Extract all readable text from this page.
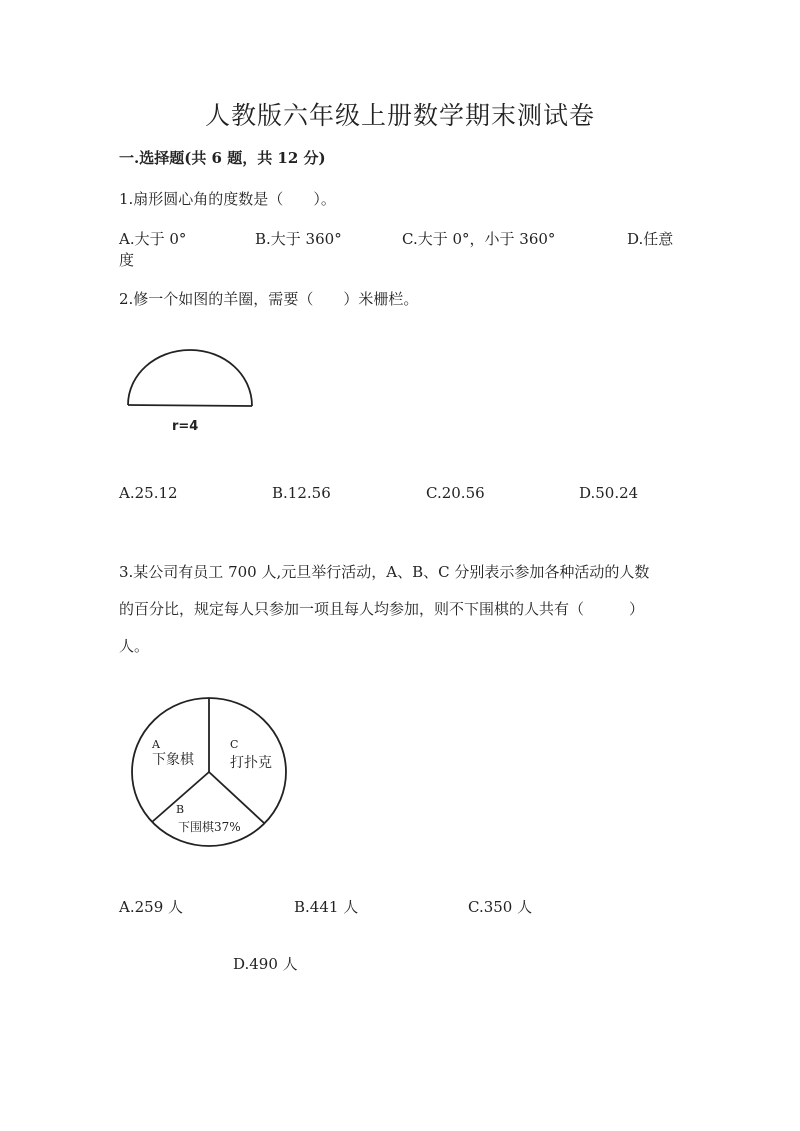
人教版六年级上册数学期末测试卷
一.选择题(共 6 题，共 12 分)
1.扇形圆心角的度数是（　　）。
A.大于 0°	B.大于 360°	C.大于 0°，小于 360°	D.任意
度
2.修一个如图的羊圈，需要（　　）米栅栏。
r=4
A.25.12	B.12.56	C.20.56	D.50.24
3.某公司有员工 700 人,元旦举行活动，A、B、C 分别表示参加各种活动的人数
的百分比，规定每人只参加一项且每人均参加，则不下围棋的人共有（　　　）
人。
A
下象棋
C
打扑克
B
下围棋37%
A.259 人	B.441 人	C.350 人
D.490 人
